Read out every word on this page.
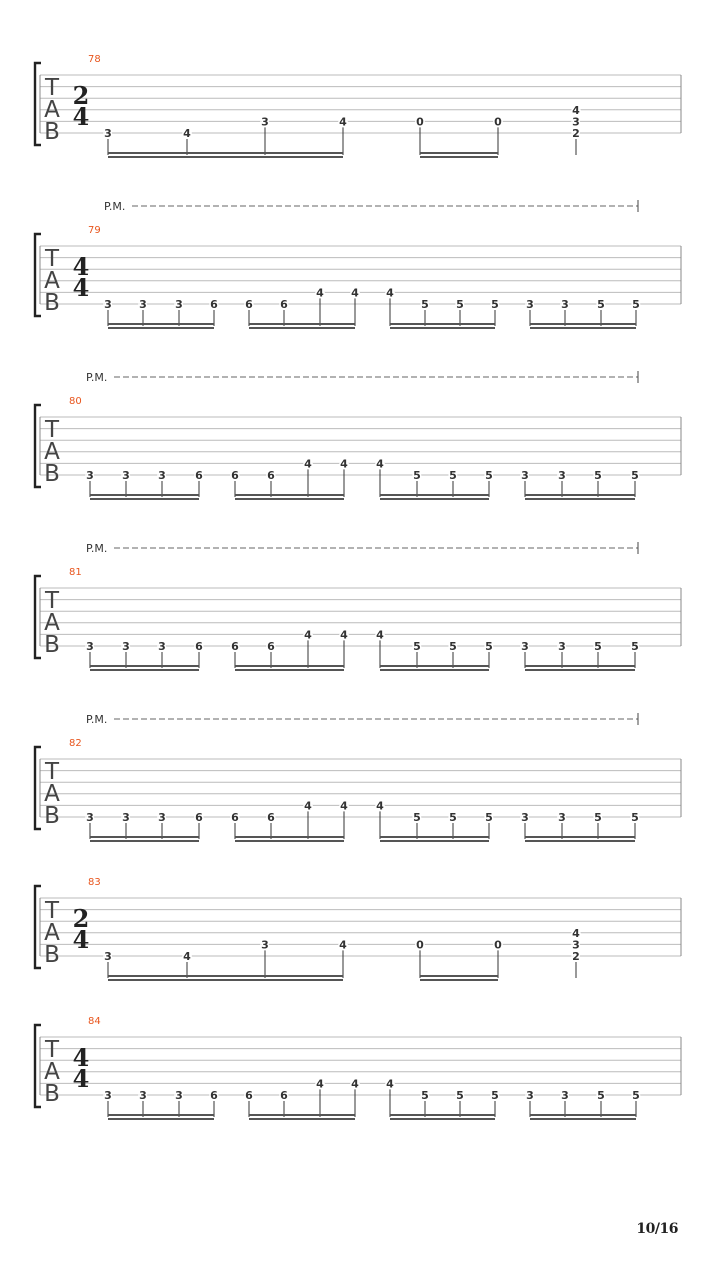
T
A
B
78
2
4
3	4
3	4	0	0
4
3
2
T
A
B
79
4
4
P.M.
3 3	3 6 6 6
4 4 4
5 5 5 3 3	5 5
T
A
B
80
P.M.
3	3	3	6	6	6
4	4	4
5	5	5	3	3	5	5
T
A
B
81
P.M.
3	3	3	6	6	6
4	4	4
5	5	5	3	3	5	5
T
A
B
82
P.M.
3	3	3	6	6	6
4	4	4
5	5	5	3	3	5	5
T
A
B
83
2
4
3	4
3	4	0	0
4
3
2
T
A
B
84
4
4
3 3	3 6 6 6
4 4 4
5 5 5 3 3	5 5
10/16
